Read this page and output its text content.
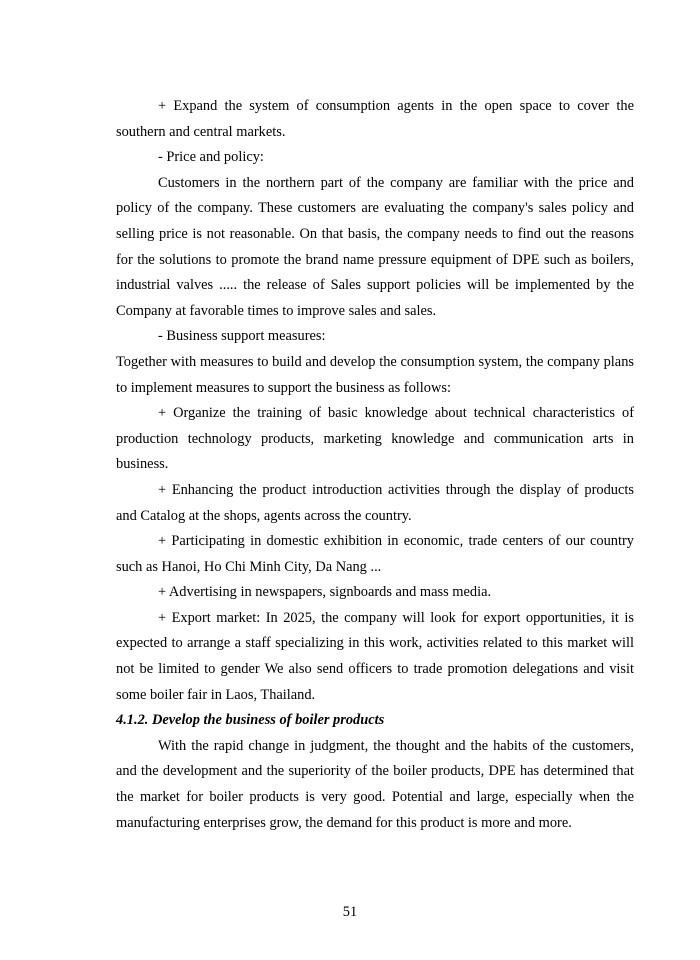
+ Expand the system of consumption agents in the open space to cover the southern and central markets.

- Price and policy:

Customers in the northern part of the company are familiar with the price and policy of the company. These customers are evaluating the company's sales policy and selling price is not reasonable. On that basis, the company needs to find out the reasons for the solutions to promote the brand name pressure equipment of DPE such as boilers, industrial valves ..... the release of Sales support policies will be implemented by the Company at favorable times to improve sales and sales.

- Business support measures:

Together with measures to build and develop the consumption system, the company plans to implement measures to support the business as follows:

+ Organize the training of basic knowledge about technical characteristics of production technology products, marketing knowledge and communication arts in business.

+ Enhancing the product introduction activities through the display of products and Catalog at the shops, agents across the country.

+ Participating in domestic exhibition in economic, trade centers of our country such as Hanoi, Ho Chi Minh City, Da Nang ...

+ Advertising in newspapers, signboards and mass media.

+ Export market: In 2025, the company will look for export opportunities, it is expected to arrange a staff specializing in this work, activities related to this market will not be limited to gender We also send officers to trade promotion delegations and visit some boiler fair in Laos, Thailand.

4.1.2. Develop the business of boiler products

With the rapid change in judgment, the thought and the habits of the customers, and the development and the superiority of the boiler products, DPE has determined that the market for boiler products is very good. Potential and large, especially when the manufacturing enterprises grow, the demand for this product is more and more.

51
